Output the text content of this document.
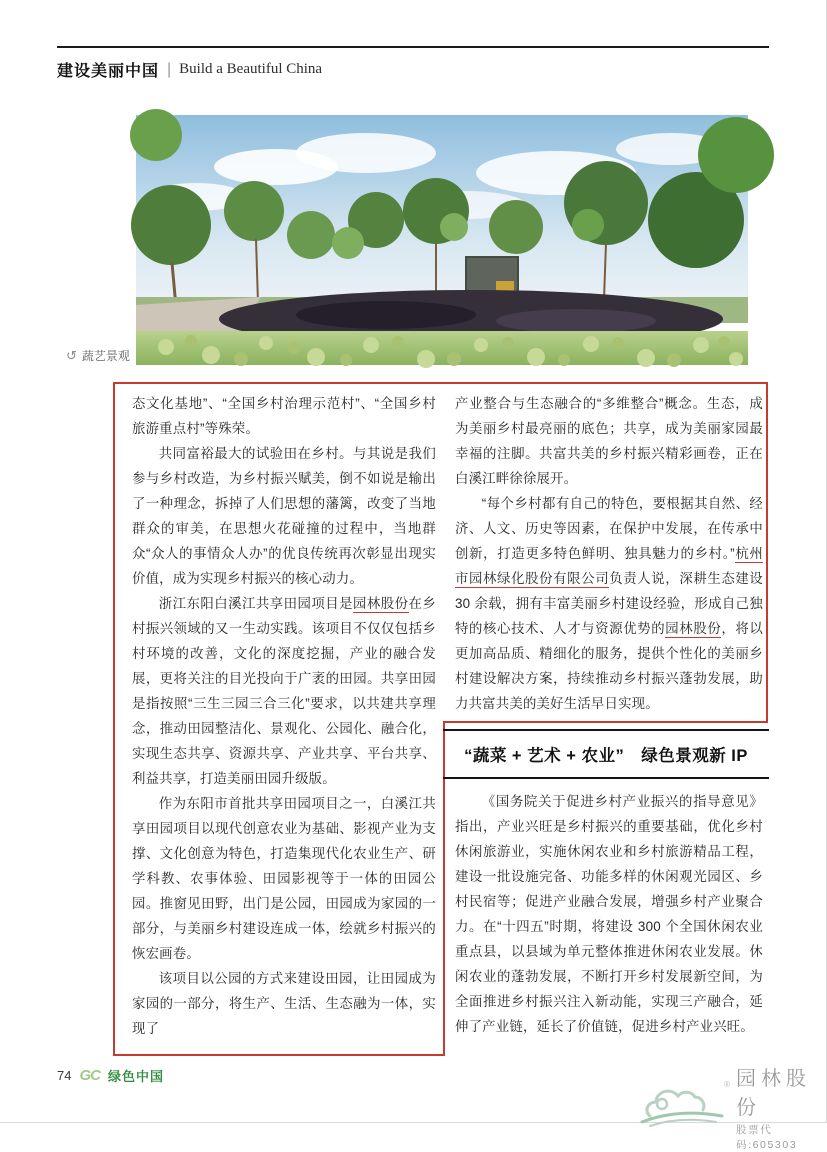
建设美丽中国 | Build a Beautiful China
↺ 蔬艺景观

态文化基地”、“全国乡村治理示范村”、“全国乡村旅游重点村”等殊荣。

共同富裕最大的试验田在乡村。与其说是我们参与乡村改造，为乡村振兴赋美，倒不如说是输出了一种理念，拆掉了人们思想的藩篱，改变了当地群众的审美，在思想火花碰撞的过程中，当地群众“众人的事情众人办”的优良传统再次彰显出现实价值，成为实现乡村振兴的核心动力。

浙江东阳白溪江共享田园项目是园林股份在乡村振兴领域的又一生动实践。该项目不仅仅包括乡村环境的改善，文化的深度挖掘，产业的融合发展，更将关注的目光投向于广袤的田园。共享田园是指按照“三生三园三合三化”要求，以共建共享理念，推动田园整洁化、景观化、公园化、融合化，实现生态共享、资源共享、产业共享、平台共享、利益共享，打造美丽田园升级版。

作为东阳市首批共享田园项目之一，白溪江共享田园项目以现代创意农业为基础、影视产业为支撑、文化创意为特色，打造集现代化农业生产、研学科教、农事体验、田园影视等于一体的田园公园。推窗见田野，出门是公园，田园成为家园的一部分，与美丽乡村建设连成一体，绘就乡村振兴的恢宏画卷。

该项目以公园的方式来建设田园，让田园成为家园的一部分，将生产、生活、生态融为一体，实现了

产业整合与生态融合的“多维整合”概念。生态，成为美丽乡村最亮丽的底色；共享，成为美丽家园最幸福的注脚。共富共美的乡村振兴精彩画卷，正在白溪江畔徐徐展开。

“每个乡村都有自己的特色，要根据其自然、经济、人文、历史等因素，在保护中发展，在传承中创新，打造更多特色鲜明、独具魅力的乡村。”杭州市园林绿化股份有限公司负责人说，深耕生态建设 30 余载，拥有丰富美丽乡村建设经验，形成自己独特的核心技术、人才与资源优势的园林股份，将以更加高品质、精细化的服务，提供个性化的美丽乡村建设解决方案，持续推动乡村振兴蓬勃发展，助力共富共美的美好生活早日实现。

“蔬菜 + 艺术 + 农业”　绿色景观新 IP

《国务院关于促进乡村产业振兴的指导意见》指出，产业兴旺是乡村振兴的重要基础，优化乡村休闲旅游业，实施休闲农业和乡村旅游精品工程，建设一批设施完备、功能多样的休闲观光园区、乡村民宿等；促进产业融合发展，增强乡村产业聚合力。在“十四五”时期，将建设 300 个全国休闲农业重点县，以县域为单元整体推进休闲农业发展。休闲农业的蓬勃发展，不断打开乡村发展新空间，为全面推进乡村振兴注入新动能，实现三产融合，延伸了产业链，延长了价值链，促进乡村产业兴旺。

74 GC 绿色中国
® 园林股份
股票代码:605303
